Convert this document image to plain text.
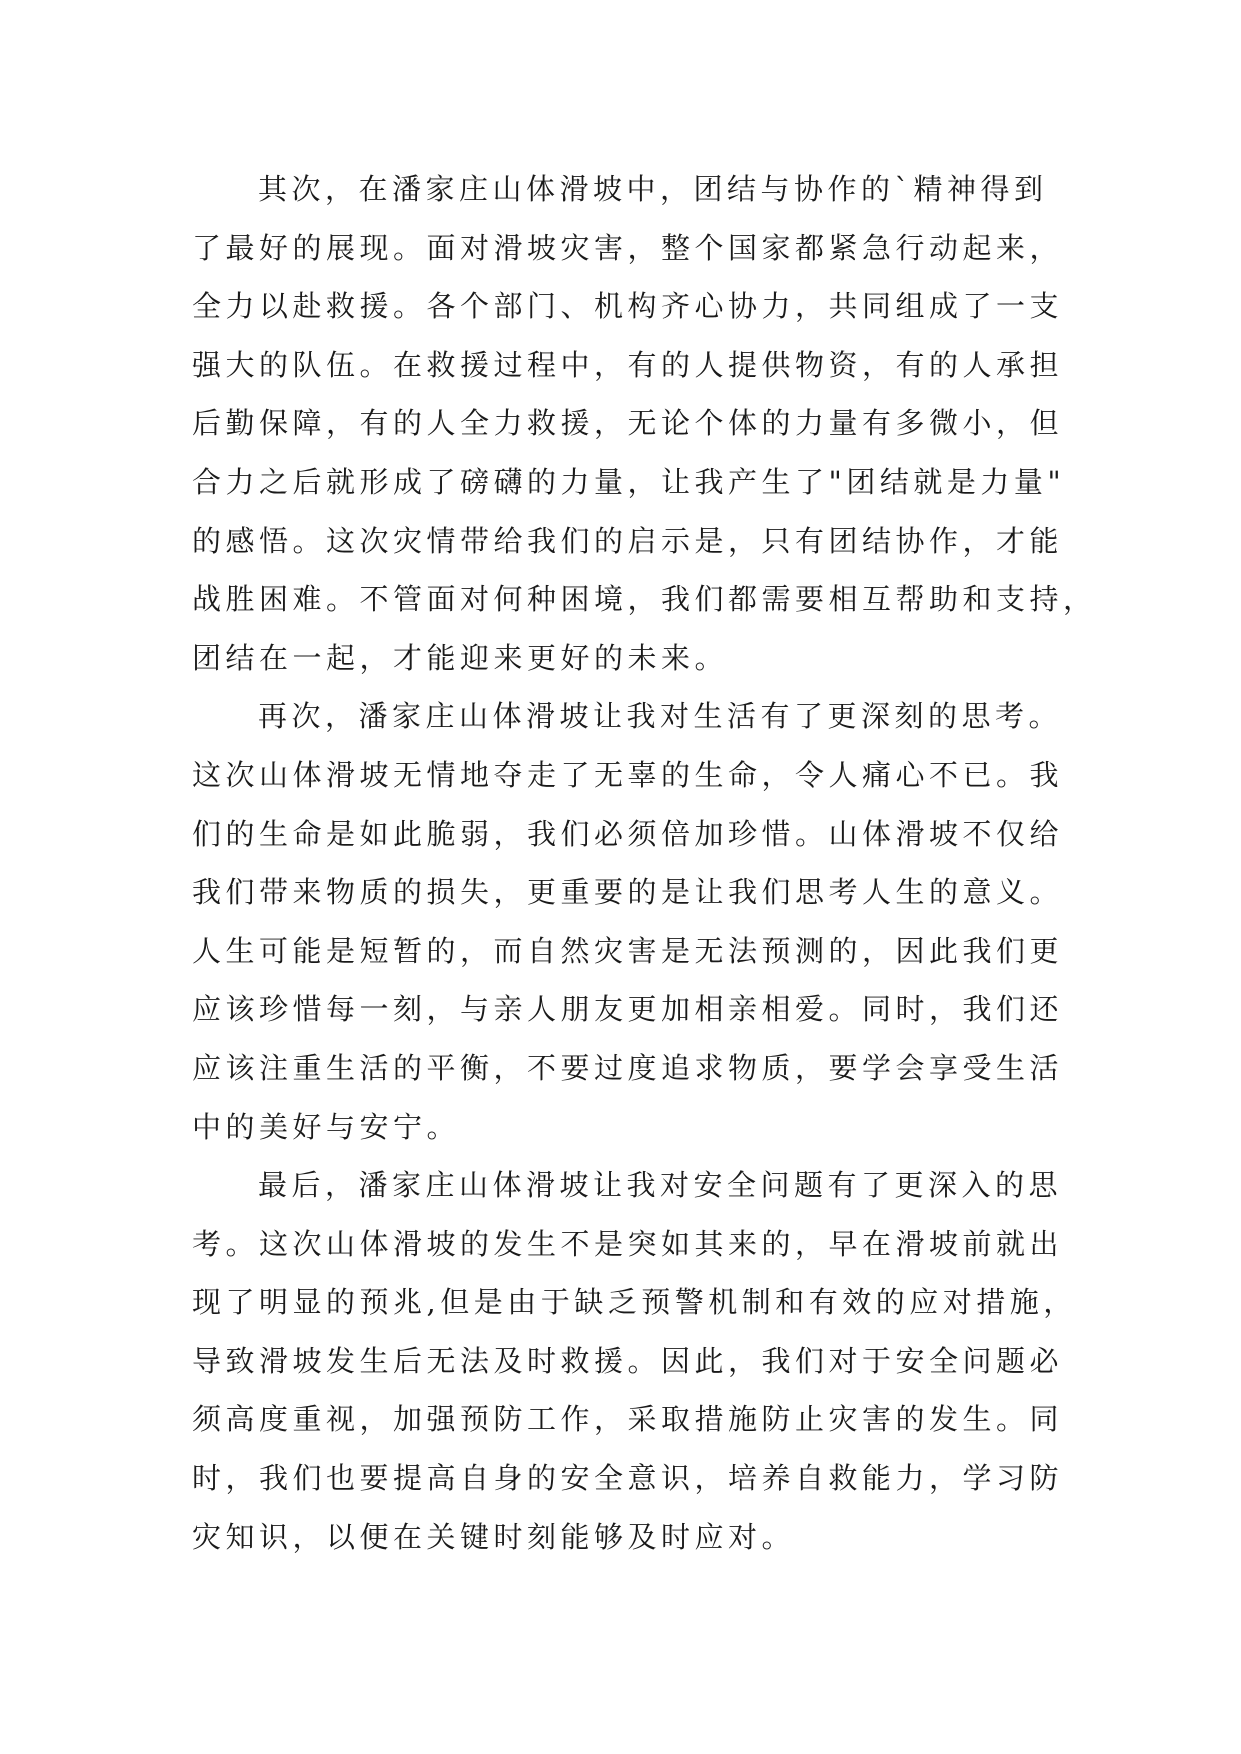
其次，在潘家庄山体滑坡中，团结与协作的`精神得到
了最好的展现。面对滑坡灾害，整个国家都紧急行动起来，
全力以赴救援。各个部门、机构齐心协力，共同组成了一支
强大的队伍。在救援过程中，有的人提供物资，有的人承担
后勤保障，有的人全力救援，无论个体的力量有多微小，但
合力之后就形成了磅礴的力量，让我产生了"团结就是力量"
的感悟。这次灾情带给我们的启示是，只有团结协作，才能
战胜困难。不管面对何种困境，我们都需要相互帮助和支持，
团结在一起，才能迎来更好的未来。
再次，潘家庄山体滑坡让我对生活有了更深刻的思考。
这次山体滑坡无情地夺走了无辜的生命，令人痛心不已。我
们的生命是如此脆弱，我们必须倍加珍惜。山体滑坡不仅给
我们带来物质的损失，更重要的是让我们思考人生的意义。
人生可能是短暂的，而自然灾害是无法预测的，因此我们更
应该珍惜每一刻，与亲人朋友更加相亲相爱。同时，我们还
应该注重生活的平衡，不要过度追求物质，要学会享受生活
中的美好与安宁。
最后，潘家庄山体滑坡让我对安全问题有了更深入的思
考。这次山体滑坡的发生不是突如其来的，早在滑坡前就出
现了明显的预兆,但是由于缺乏预警机制和有效的应对措施，
导致滑坡发生后无法及时救援。因此，我们对于安全问题必
须高度重视，加强预防工作，采取措施防止灾害的发生。同
时，我们也要提高自身的安全意识，培养自救能力，学习防
灾知识，以便在关键时刻能够及时应对。
